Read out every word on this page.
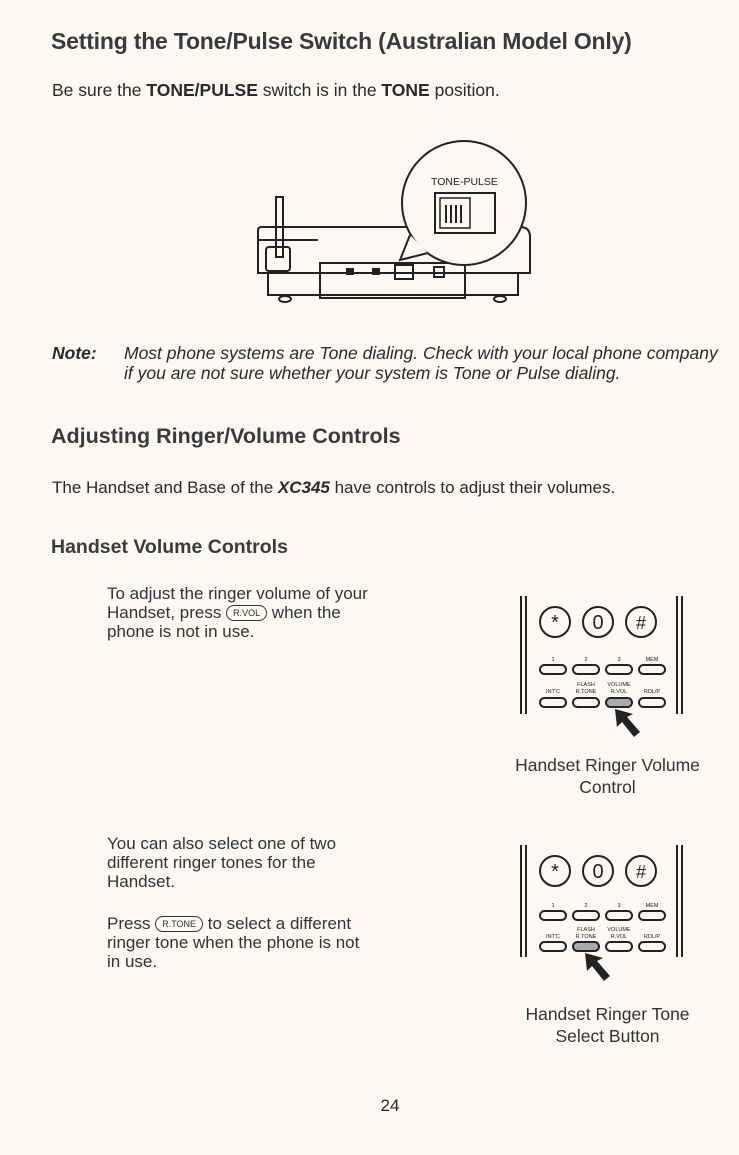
Setting the Tone/Pulse Switch (Australian Model Only)
Be sure the TONE/PULSE switch is in the TONE position.
TONE-PULSE
Note: Most phone systems are Tone dialing. Check with your local phone company if you are not sure whether your system is Tone or Pulse dialing.
Adjusting Ringer/Volume Controls
The Handset and Base of the XC345 have controls to adjust their volumes.
Handset Volume Controls
To adjust the ringer volume of your Handset, press R.VOL when the phone is not in use.	* 0 #
1	2	3	MEM
FLASH VOLUME
INT'C	R.TONE	R.VOL	RDL/P
Handset Ringer Volume Control
You can also select one of two different ringer tones for the Handset.
Press R.TONE to select a different ringer tone when the phone is not in use.
* 0 #
1	2	3	MEM
FLASH VOLUME
INT'C	R.TONE	R.VOL	RDL/P
Handset Ringer Tone Select Button
24
